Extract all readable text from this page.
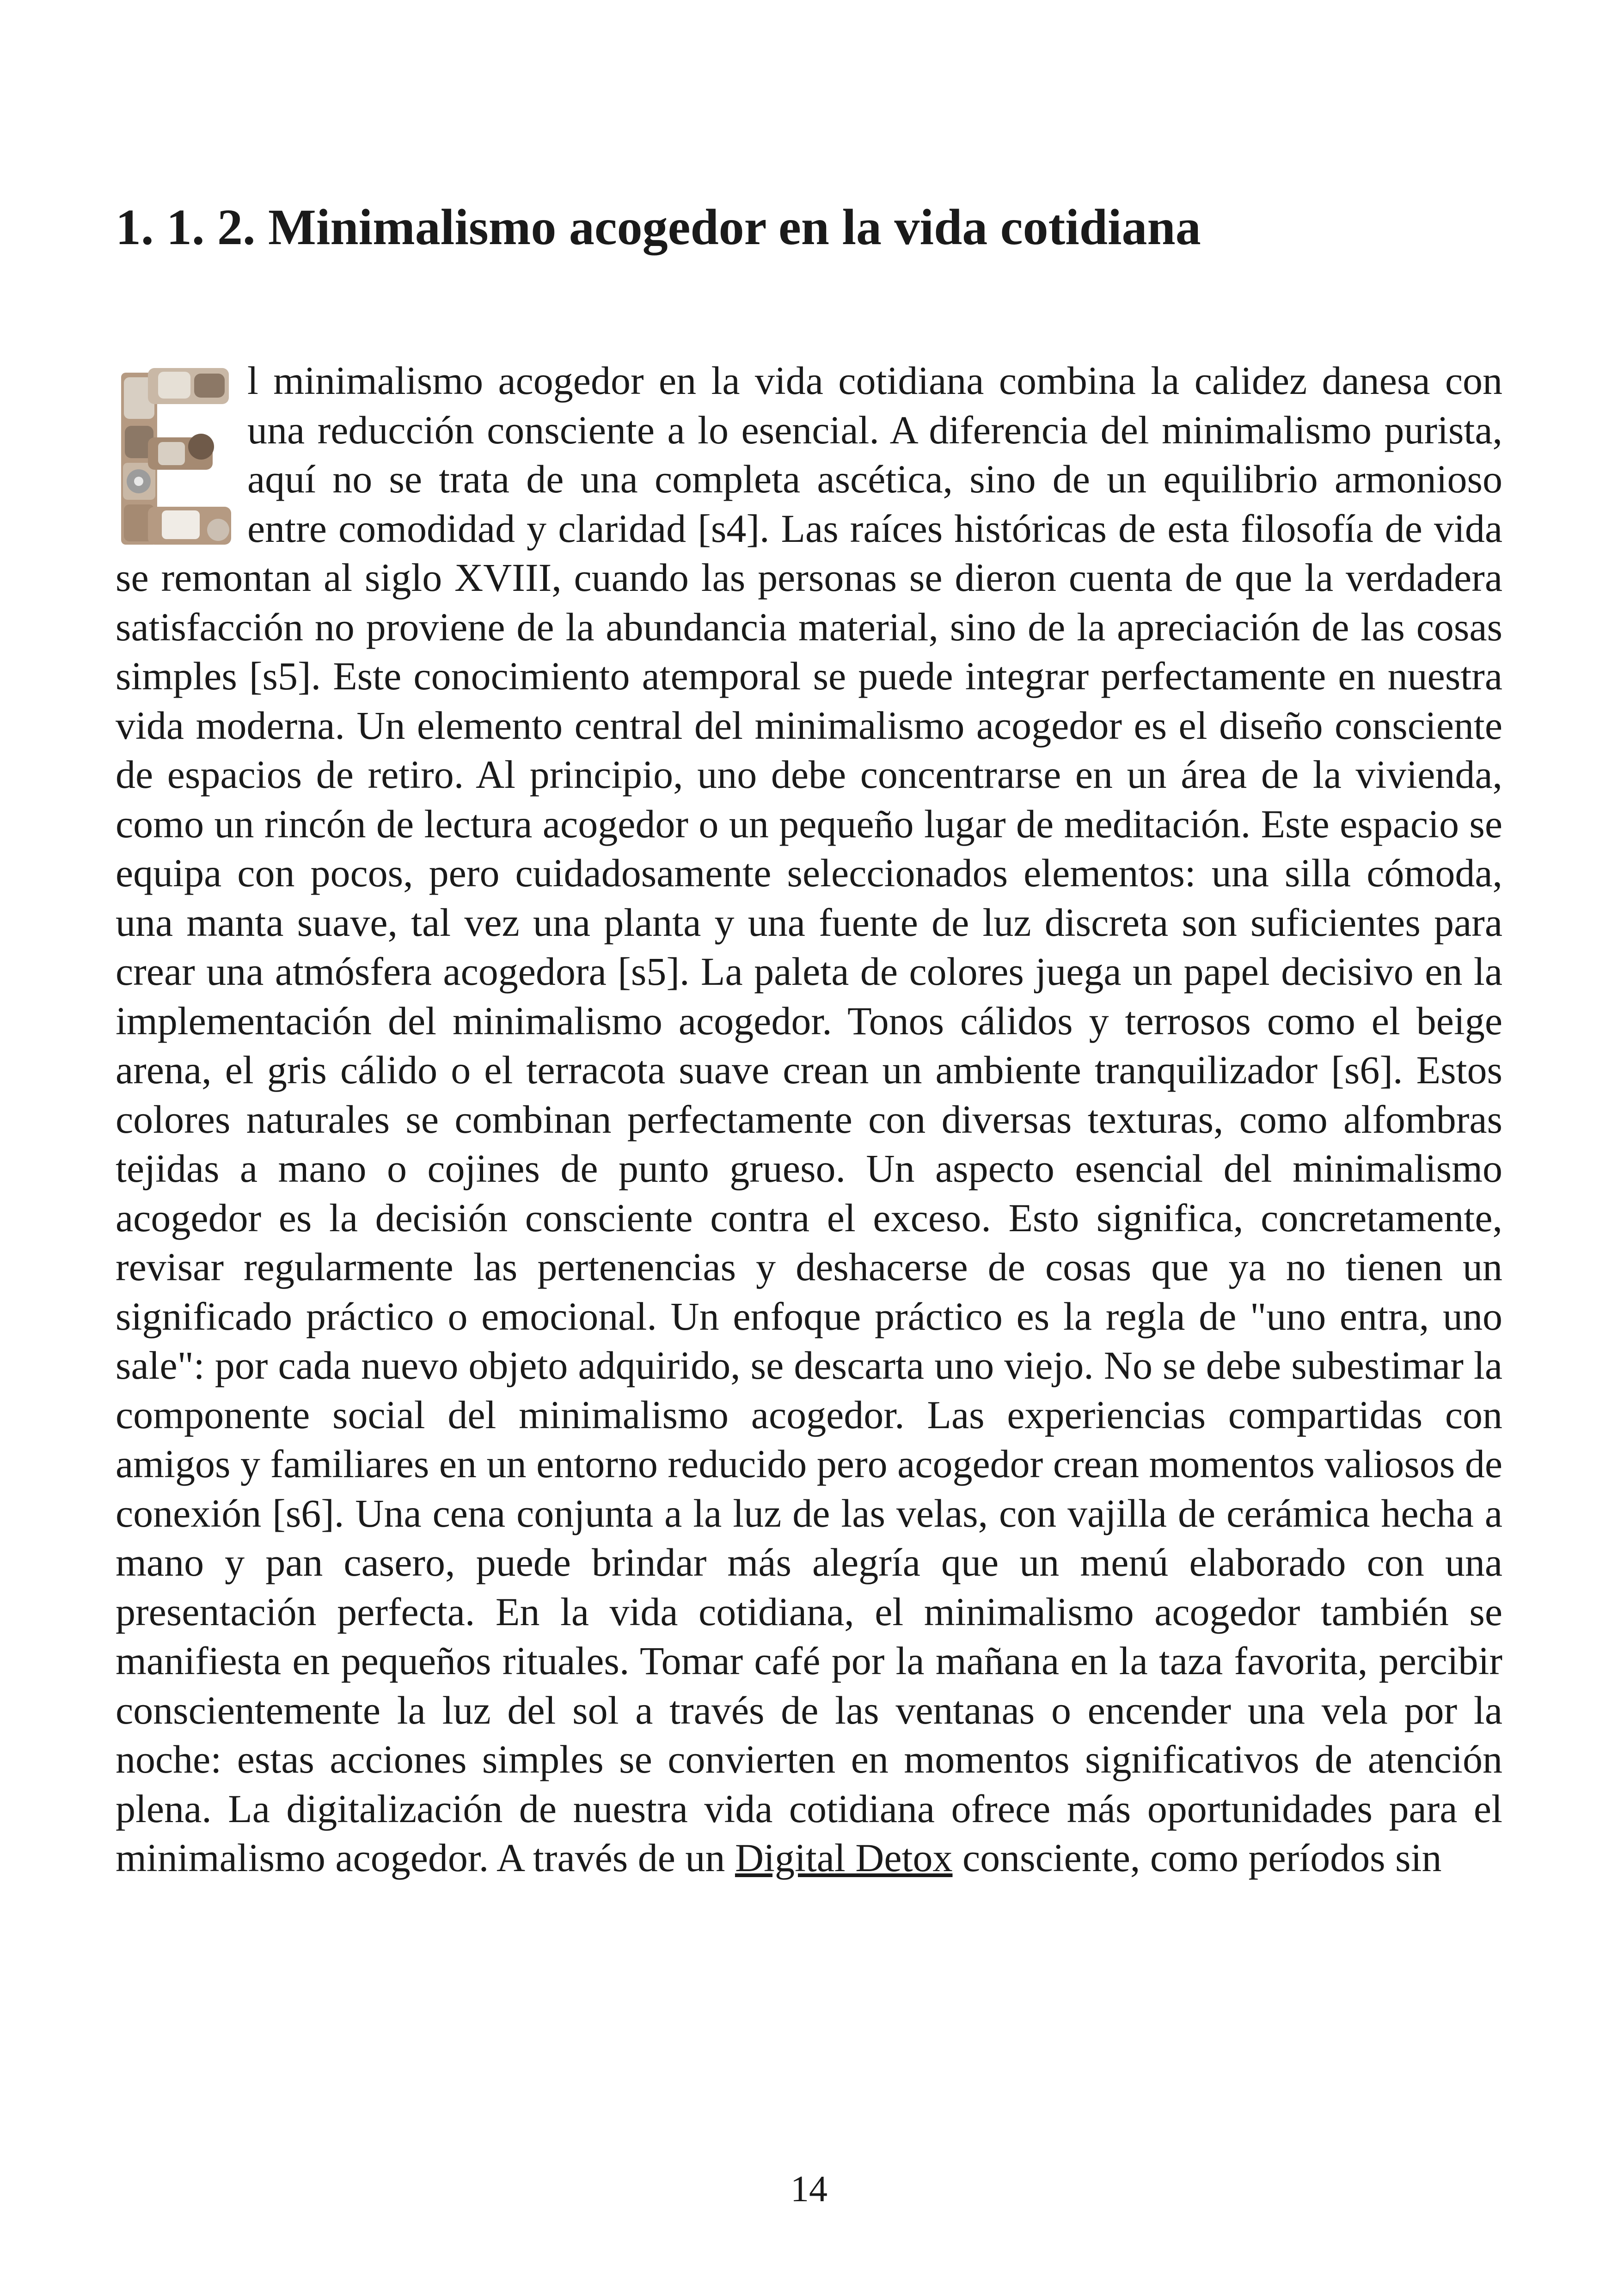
1. 1. 2. Minimalismo acogedor en la vida cotidiana

l minimalismo acogedor en la vida cotidiana combina la calidez danesa con una reducción consciente a lo esencial. A diferencia del minimalismo purista, aquí no se trata de una completa ascética, sino de un equilibrio armonioso entre comodidad y claridad [s4]. Las raíces históricas de esta filosofía de vida se remontan al siglo XVIII, cuando las personas se dieron cuenta de que la verdadera satisfacción no proviene de la abundancia material, sino de la apreciación de las cosas simples [s5]. Este conocimiento atemporal se puede integrar perfectamente en nuestra vida moderna. Un elemento central del minimalismo acogedor es el diseño consciente de espacios de retiro. Al principio, uno debe concentrarse en un área de la vivienda, como un rincón de lectura acogedor o un pequeño lugar de meditación. Este espacio se equipa con pocos, pero cuidadosamente seleccionados elementos: una silla cómoda, una manta suave, tal vez una planta y una fuente de luz discreta son suficientes para crear una atmósfera acogedora [s5]. La paleta de colores juega un papel decisivo en la implementación del minimalismo acogedor. Tonos cálidos y terrosos como el beige arena, el gris cálido o el terracota suave crean un ambiente tranquilizador [s6]. Estos colores naturales se combinan perfectamente con diversas texturas, como alfombras tejidas a mano o cojines de punto grueso. Un aspecto esencial del minimalismo acogedor es la decisión consciente contra el exceso. Esto significa, concretamente, revisar regularmente las pertenencias y deshacerse de cosas que ya no tienen un significado práctico o emocional. Un enfoque práctico es la regla de "uno entra, uno sale": por cada nuevo objeto adquirido, se descarta uno viejo. No se debe subestimar la componente social del minimalismo acogedor. Las experiencias compartidas con amigos y familiares en un entorno reducido pero acogedor crean momentos valiosos de conexión [s6]. Una cena conjunta a la luz de las velas, con vajilla de cerámica hecha a mano y pan casero, puede brindar más alegría que un menú elaborado con una presentación perfecta. En la vida cotidiana, el minimalismo acogedor también se manifiesta en pequeños rituales. Tomar café por la mañana en la taza favorita, percibir conscientemente la luz del sol a través de las ventanas o encender una vela por la noche: estas acciones simples se convierten en momentos significativos de atención plena. La digitalización de nuestra vida cotidiana ofrece más oportunidades para el minimalismo acogedor. A través de un Digital Detox consciente, como períodos sin

14
